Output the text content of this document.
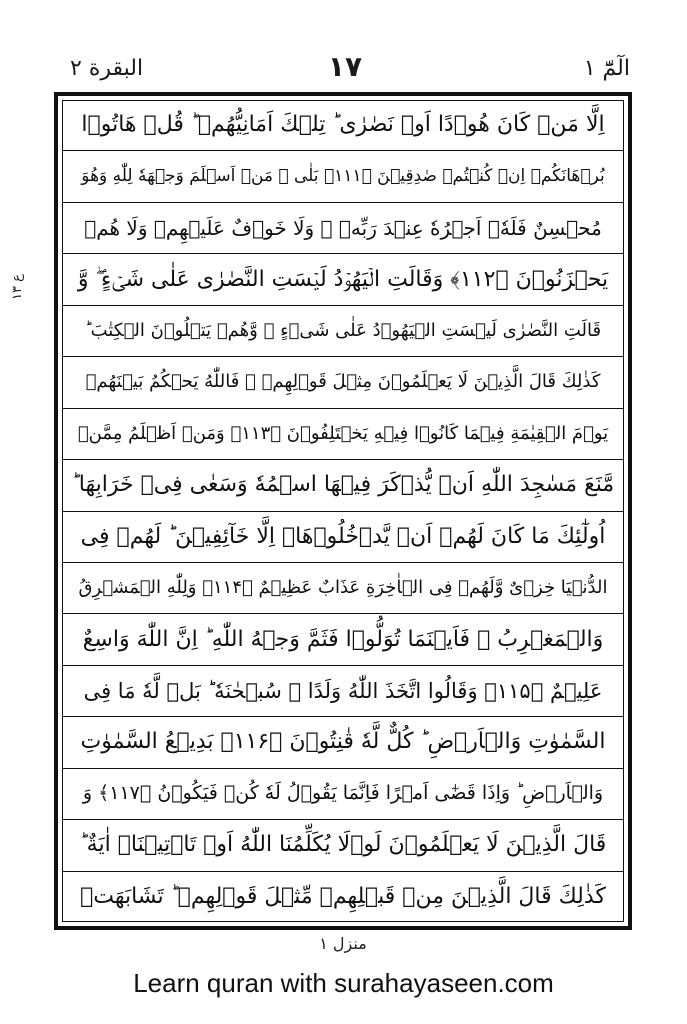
البقرة ٢	١٧	الٓمّٓ ١
ع ١٣
اِلَّا مَنۡ كَانَ هُوۡدًا اَوۡ نَصٰرٰى ؕ تِلۡكَ اَمَانِيُّهُمۡ ؕ قُلۡ هَاتُوۡا
بُرۡهَانَكُمۡ اِنۡ كُنۡتُمۡ صٰدِقِيۡنَ ﴿۱۱۱﴾ بَلٰى ۚ مَنۡ اَسۡلَمَ وَجۡهَهٗ لِلّٰهِ وَهُوَ
مُحۡسِنٌ فَلَهٗۤ اَجۡرُهٗ عِنۡدَ رَبِّهٖ ۖ وَلَا خَوۡفٌ عَلَيۡهِمۡ وَلَا هُمۡ
يَحۡزَنُوۡنَ ﴿۱۱۲﴾ وَقَالَتِ الۡيَهُوۡدُ لَيۡسَتِ النَّصٰرٰى عَلٰى شَىۡءٍ ۖ وَّ
قَالَتِ النَّصٰرٰى لَيۡسَتِ الۡيَهُوۡدُ عَلٰى شَىۡءٍ ۙ وَّهُمۡ يَتۡلُوۡنَ الۡكِتٰبَ ؕ
كَذٰلِكَ قَالَ الَّذِيۡنَ لَا يَعۡلَمُوۡنَ مِثۡلَ قَوۡلِهِمۡ ۚ فَاللّٰهُ يَحۡكُمُ بَيۡنَهُمۡ
يَوۡمَ الۡقِيٰمَةِ فِيۡمَا كَانُوۡا فِيۡهِ يَخۡتَلِفُوۡنَ ﴿۱۱۳﴾ وَمَنۡ اَظۡلَمُ مِمَّنۡ
مَّنَعَ مَسٰجِدَ اللّٰهِ اَنۡ يُّذۡكَرَ فِيۡهَا اسۡمُهٗ وَسَعٰى فِىۡ خَرَابِهَا ؕ
اُولٰٓئِكَ مَا كَانَ لَهُمۡ اَنۡ يَّدۡخُلُوۡهَاۤ اِلَّا خَآئِفِيۡنَ ؕ لَهُمۡ فِى
الدُّنۡيَا خِزۡىٌ وَّلَهُمۡ فِى الۡاٰخِرَةِ عَذَابٌ عَظِيۡمٌ ﴿۱۱۴﴾ وَلِلّٰهِ الۡمَشۡرِقُ
وَالۡمَغۡرِبُ ۚ فَاَيۡنَمَا تُوَلُّوۡا فَثَمَّ وَجۡهُ اللّٰهِ ؕ اِنَّ اللّٰهَ وَاسِعٌ
عَلِيۡمٌ ﴿۱۱۵﴾ وَقَالُوا اتَّخَذَ اللّٰهُ وَلَدًا ۙ سُبۡحٰنَهٗ ؕ بَلۡ لَّهٗ مَا فِى
السَّمٰوٰتِ وَالۡاَرۡضِ ؕ كُلٌّ لَّهٗ قٰنِتُوۡنَ ﴿۱۱۶﴾ بَدِيۡعُ السَّمٰوٰتِ
وَالۡاَرۡضِ ؕ وَاِذَا قَضٰٓى اَمۡرًا فَاِنَّمَا يَقُوۡلُ لَهٗ كُنۡ فَيَكُوۡنُ ﴿۱۱۷﴾ وَ
قَالَ الَّذِيۡنَ لَا يَعۡلَمُوۡنَ لَوۡلَا يُكَلِّمُنَا اللّٰهُ اَوۡ تَاۡتِيۡنَاۤ اٰيَةٌ ؕ
كَذٰلِكَ قَالَ الَّذِيۡنَ مِنۡ قَبۡلِهِمۡ مِّثۡلَ قَوۡلِهِمۡ ؕ تَشَابَهَتۡ
منزل ١
Learn quran with surahayaseen.com
